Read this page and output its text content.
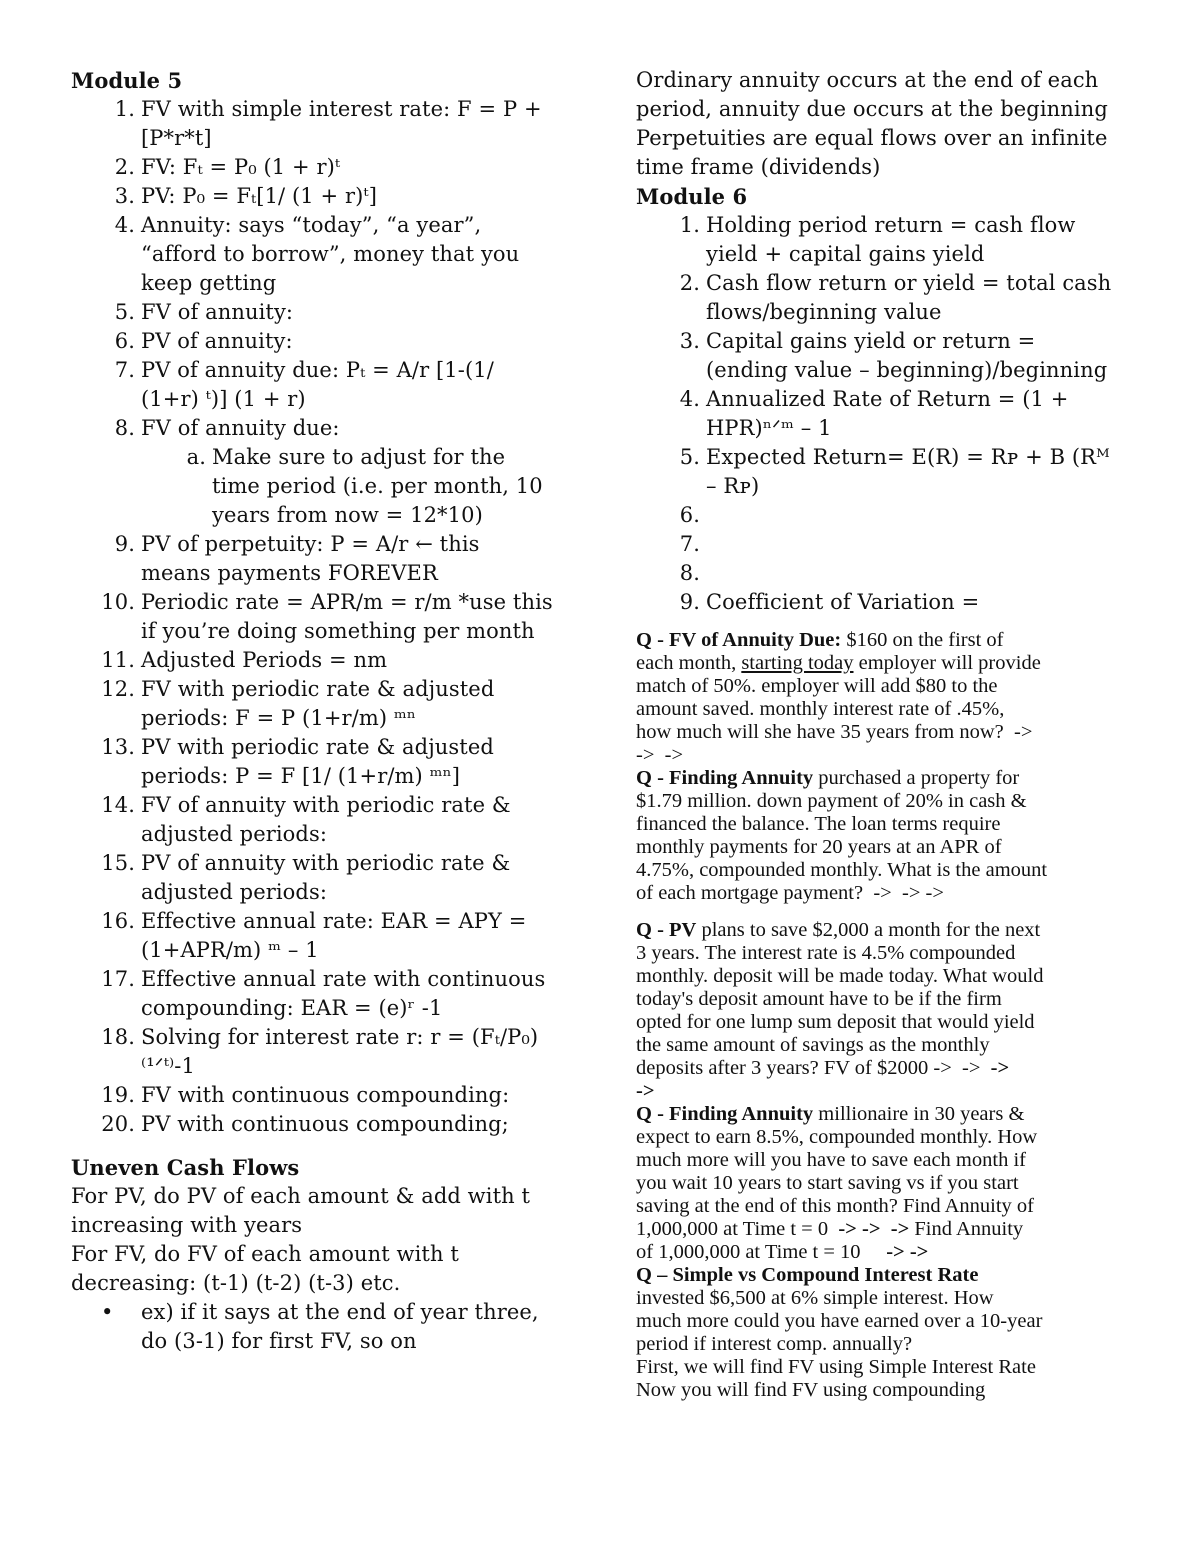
Module 5
1. FV with simple interest rate: F = P +
[P*r*t]
2. FV: Fₜ = P₀ (1 + r)ᵗ
3. PV: P₀ = Fₜ[1/ (1 + r)ᵗ]
4. Annuity: says “today”, “a year”,
“afford to borrow”, money that you
keep getting
5. FV of annuity:
6. PV of annuity:
7. PV of annuity due: Pₜ = A/r [1-(1/
(1+r) ᵗ)] (1 + r)
8. FV of annuity due:
a. Make sure to adjust for the
time period (i.e. per month, 10
years from now = 12*10)
9. PV of perpetuity: P = A/r ← this
means payments FOREVER
10. Periodic rate = APR/m = r/m *use this
if you’re doing something per month
11. Adjusted Periods = nm
12. FV with periodic rate & adjusted
periods: F = P (1+r/m) ᵐⁿ
13. PV with periodic rate & adjusted
periods: P = F [1/ (1+r/m) ᵐⁿ]
14. FV of annuity with periodic rate &
adjusted periods:
15. PV of annuity with periodic rate &
adjusted periods:
16. Effective annual rate: EAR = APY =
(1+APR/m) ᵐ – 1
17. Effective annual rate with continuous
compounding: EAR = (e)ʳ -1
18. Solving for interest rate r: r = (Fₜ/P₀)
⁽¹ᐟᵗ⁾-1
19. FV with continuous compounding:
20. PV with continuous compounding;
Uneven Cash Flows
For PV, do PV of each amount & add with t
increasing with years
For FV, do FV of each amount with t
decreasing: (t-1) (t-2) (t-3) etc.
•	ex) if it says at the end of year three,
do (3-1) for first FV, so on
Ordinary annuity occurs at the end of each
period, annuity due occurs at the beginning
Perpetuities are equal flows over an infinite
time frame (dividends)
Module 6
1. Holding period return = cash flow
yield + capital gains yield
2. Cash flow return or yield = total cash
flows/beginning value
3. Capital gains yield or return =
(ending value – beginning)/beginning
4. Annualized Rate of Return = (1 +
HPR)ⁿᐟᵐ – 1
5. Expected Return= E(R) = Rᴘ + B (Rᴹ
– Rᴘ)
6.
7.
8.
9. Coefficient of Variation =
Q - FV of Annuity Due: $160 on the first of
each month, starting today employer will provide
match of 50%. employer will add $80 to the
amount saved. monthly interest rate of .45%,
how much will she have 35 years from now?  ->
->  ->
Q - Finding Annuity purchased a property for
$1.79 million. down payment of 20% in cash &
financed the balance. The loan terms require
monthly payments for 20 years at an APR of
4.75%, compounded monthly. What is the amount
of each mortgage payment?  ->  -> ->
Q - PV plans to save $2,000 a month for the next
3 years. The interest rate is 4.5% compounded
monthly. deposit will be made today. What would
today's deposit amount have to be if the firm
opted for one lump sum deposit that would yield
the same amount of savings as the monthly
deposits after 3 years? FV of $2000 ->  ->  ->
->
Q - Finding Annuity millionaire in 30 years &
expect to earn 8.5%, compounded monthly. How
much more will you have to save each month if
you wait 10 years to start saving vs if you start
saving at the end of this month? Find Annuity of
1,000,000 at Time t = 0  -> ->  -> Find Annuity
of 1,000,000 at Time t = 10     -> ->
Q – Simple vs Compound Interest Rate
invested $6,500 at 6% simple interest. How
much more could you have earned over a 10-year
period if interest comp. annually?
First, we will find FV using Simple Interest Rate
Now you will find FV using compounding
